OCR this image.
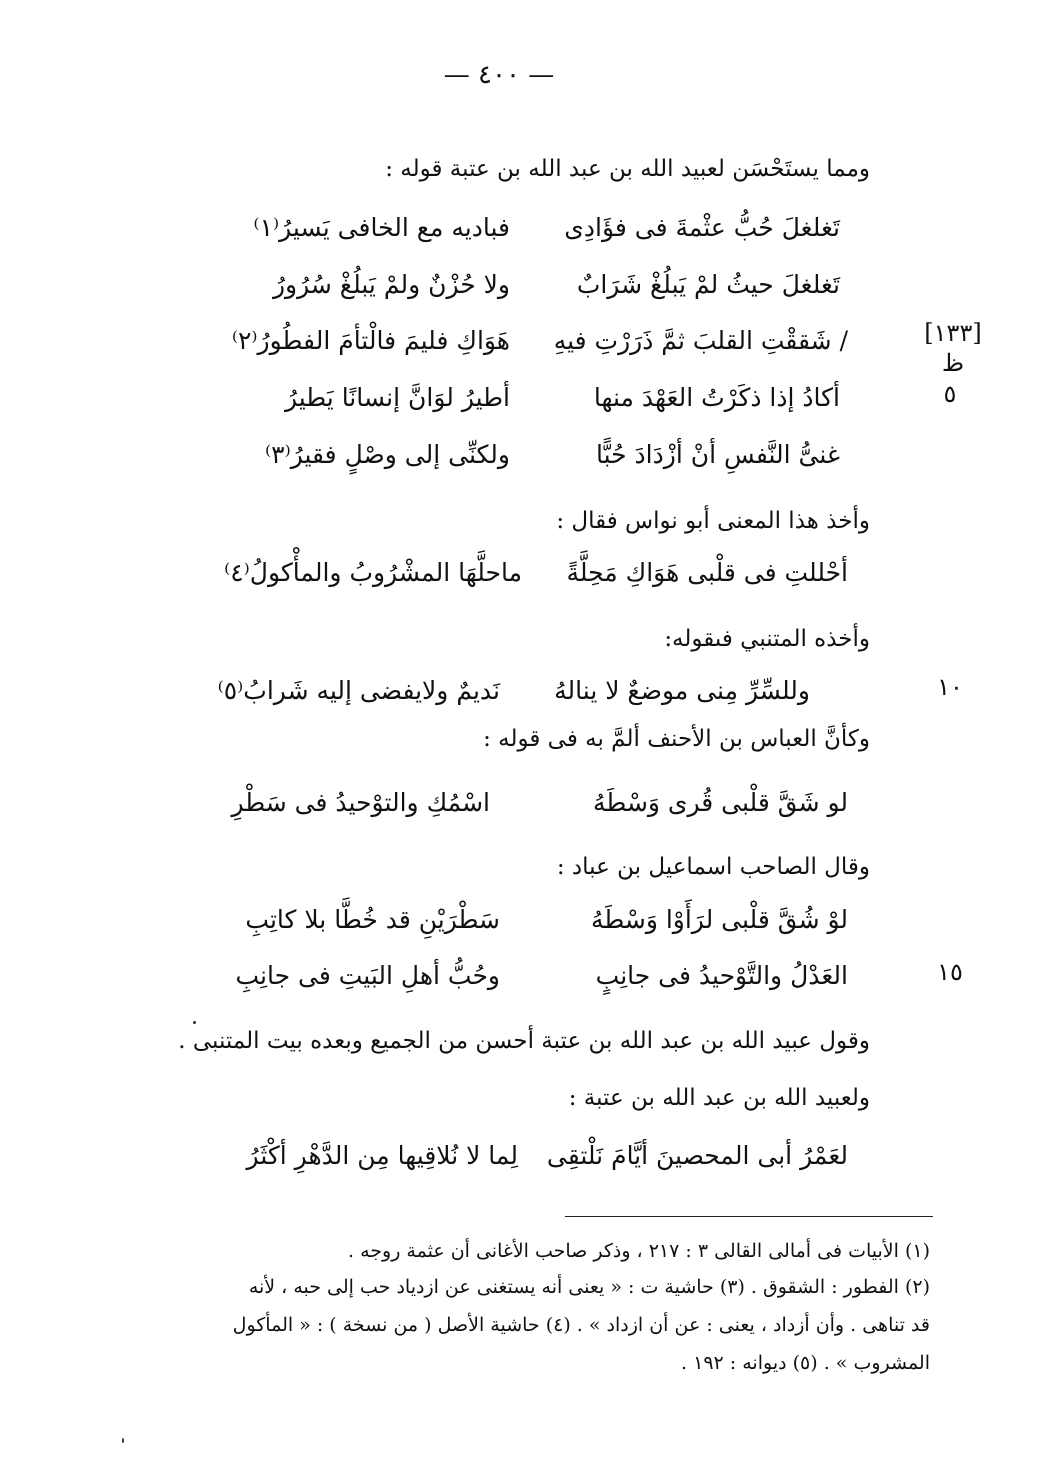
— ٤٠٠ —
ومما يستَحْسَن لعبيد الله بن عبد الله بن عتبة قوله :
تَغلغلَ حُبُّ عثْمةَ فى فؤَادِى
فباديه مع الخافى يَسيرُ⁽١⁾
تَغلغلَ حيثُ لمْ يَبلُغْ شَرَابٌ
ولا حُزْنٌ ولمْ يَبلُغْ سُرُورُ
[١٣٣]
ظ
/ شَققْتِ القلبَ ثمَّ ذَرَرْتِ فيهِ
هَوَاكِ فليمَ فالْتأمَ الفطُورُ⁽٢⁾
٥
أكادُ إذا ذكَرْتُ العَهْدَ منها
أطيرُ لوَانَّ إنسانًا يَطيرُ
غنىُّ النَّفسِ أنْ أزْدَادَ حُبًّا
ولكنِّى إلى وصْلٍ فقيرُ⁽٣⁾
وأخذ هذا المعنى أبو نواس فقال :
أحْللتِ فى قلْبى هَوَاكِ مَحِلَّةً
ماحلَّهَا المشْرُوبُ والمأْكولُ⁽٤⁾
وأخذه المتنبي فىقوله:
١٠
وللسِّرِّ مِنى موضعٌ لا ينالهُ
نَديمٌ ولايفضى إليه شَرابُ⁽٥⁾
وكأنَّ العباس بن الأحنف ألمَّ به فى قوله :
لو شَقَّ قلْبى قُرى وَسْطَهُ
اسْمُكِ والتوْحيدُ فى سَطْرِ
وقال الصاحب اسماعيل بن عباد :
لوْ شُقَّ قلْبى لرَأَوْا وَسْطَهُ
سَطْرَيْنِ قد خُطَّا بلا كاتِبِ
١٥
العَدْلُ والتَّوْحيدُ فى جانِبٍ
وحُبُّ أهلِ البَيتِ فى جانِبِ
وقول عبيد الله بن عبد الله بن عتبة أحسن من الجميع وبعده بيت المتنبى .
ولعبيد الله بن عبد الله بن عتبة :
لعَمْرُ أبى المحصينَ أيَّامَ نَلْتقِى
لِما لا نُلاقِيها مِن الدَّهْرِ أكْثَرُ
(١) الأبيات فى أمالى القالى ٣ : ٢١٧ ، وذكر صاحب الأغانى أن عثمة روجه .
(٢) الفطور : الشقوق . (٣) حاشية ت : « يعنى أنه يستغنى عن ازدياد حب إلى حبه ، لأنه
قد تناهى . وأن أزداد ، يعنى : عن أن ازداد » . (٤) حاشية الأصل ( من نسخة ) : « المأكول
المشروب » . (٥) ديوانه : ١٩٢ .
